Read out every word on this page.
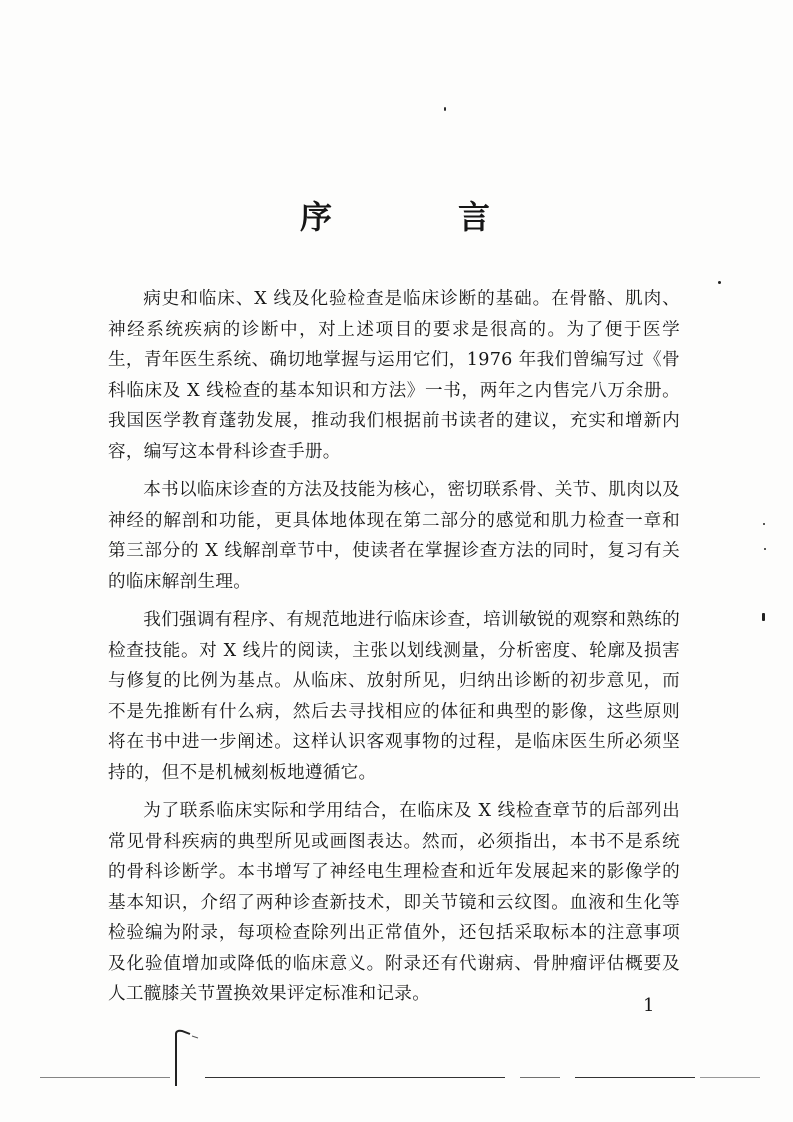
序	言

病史和临床、X 线及化验检查是临床诊断的基础。在骨骼、肌肉、神经系统疾病的诊断中，对上述项目的要求是很高的。为了便于医学生，青年医生系统、确切地掌握与运用它们，1976 年我们曾编写过《骨科临床及 X 线检查的基本知识和方法》一书，两年之内售完八万余册。我国医学教育蓬勃发展，推动我们根据前书读者的建议，充实和增新内容，编写这本骨科诊查手册。

本书以临床诊查的方法及技能为核心，密切联系骨、关节、肌肉以及神经的解剖和功能，更具体地体现在第二部分的感觉和肌力检查一章和第三部分的 X 线解剖章节中，使读者在掌握诊查方法的同时，复习有关的临床解剖生理。

我们强调有程序、有规范地进行临床诊查，培训敏锐的观察和熟练的检查技能。对 X 线片的阅读，主张以划线测量，分析密度、轮廓及损害与修复的比例为基点。从临床、放射所见，归纳出诊断的初步意见，而不是先推断有什么病，然后去寻找相应的体征和典型的影像，这些原则将在书中进一步阐述。这样认识客观事物的过程，是临床医生所必须坚持的，但不是机械刻板地遵循它。

为了联系临床实际和学用结合，在临床及 X 线检查章节的后部列出常见骨科疾病的典型所见或画图表达。然而，必须指出，本书不是系统的骨科诊断学。本书增写了神经电生理检查和近年发展起来的影像学的基本知识，介绍了两种诊查新技术，即关节镜和云纹图。血液和生化等检验编为附录，每项检查除列出正常值外，还包括采取标本的注意事项及化验值增加或降低的临床意义。附录还有代谢病、骨肿瘤评估概要及人工髋膝关节置换效果评定标准和记录。

1
